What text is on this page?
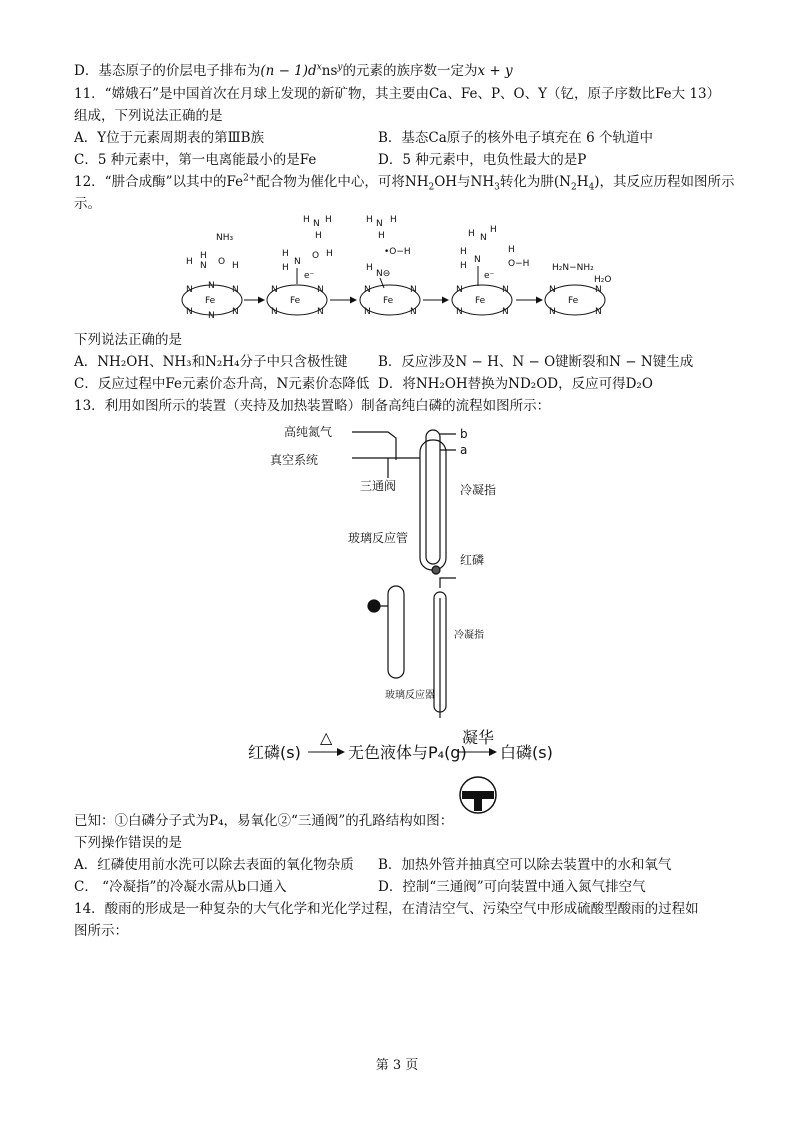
D．基态原子的价层电子排布为$(n - 1)d^xns^y$的元素的族序数一定为x + y
11．“嫦娥石”是中国首次在月球上发现的新矿物，其主要由Ca、Fe、P、O、Y（钇，原子序数比Fe大 13）
组成，下列说法正确的是
A．Y位于元素周期表的第ⅢB族	B．基态Ca原子的核外电子填充在 6 个轨道中
C．5 种元素中，第一电离能最小的是Fe	D．5 种元素中，电负性最大的是P
12．“肼合成酶”以其中的$Fe^{2+}$配合物为催化中心，可将$NH_2OH$与$NH_3$转化为肼$(N_2H_4)$，其反应历程如图所示
示。
Fe
N	N
N	N
N
N
Fe
N	N
N	N
Fe
N	N
N	N
Fe
N	N
N	N
Fe
N	N
N	N
NH₃
H N O H
H
H N H
H
H
N
O H
H
e⁻
H N H
H
•O−H
H
N⊖
H N
H
H
N
H
O−H
H
e⁻
H₂N−NH₂
H₂O
下列说法正确的是
A．NH₂OH、NH₃和N₂H₄分子中只含极性键 B．反应涉及N − H、N − O键断裂和N − N键生成
C．反应过程中Fe元素价态升高，N元素价态降低 D．将NH₂OH替换为ND₂OD，反应可得D₂O
13．利用如图所示的装置（夹持及加热装置略）制备高纯白磷的流程如图所示：
高纯氮气
真空系统
三通阀
b
a
冷凝指
玻璃反应管
红磷
玻璃反应器
冷凝指
红磷(s)
△
无色液体与P₄(g)
凝华
白磷(s)
已知：①白磷分子式为P₄，易氧化②“三通阀”的孔路结构如图：
下列操作错误的是
A．红磷使用前水洗可以除去表面的氧化物杂质 B．加热外管并抽真空可以除去装置中的水和氧气
C． “冷凝指”的冷凝水需从b口通入	D．控制“三通阀”可向装置中通入氮气排空气
14．酸雨的形成是一种复杂的大气化学和光化学过程，在清洁空气、污染空气中形成硫酸型酸雨的过程如
图所示：
第 3 页
